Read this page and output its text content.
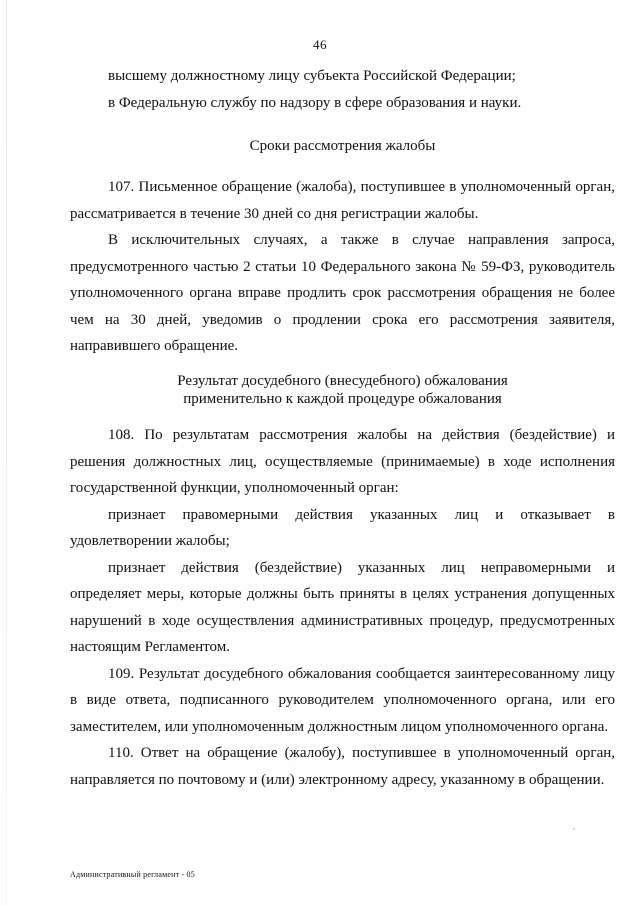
46

высшему должностному лицу субъекта Российской Федерации;

в Федеральную службу по надзору в сфере образования и науки.

Сроки рассмотрения жалобы

107. Письменное обращение (жалоба), поступившее в уполномоченный орган, рассматривается в течение 30 дней со дня регистрации жалобы.

В исключительных случаях, а также в случае направления запроса, предусмотренного частью 2 статьи 10 Федерального закона № 59-ФЗ, руководитель уполномоченного органа вправе продлить срок рассмотрения обращения не более чем на 30 дней, уведомив о продлении срока его рассмотрения заявителя, направившего обращение.

Результат досудебного (внесудебного) обжалования
применительно к каждой процедуре обжалования

108. По результатам рассмотрения жалобы на действия (бездействие) и решения должностных лиц, осуществляемые (принимаемые) в ходе исполнения государственной функции, уполномоченный орган:

признает правомерными действия указанных лиц и отказывает в удовлетворении жалобы;

признает действия (бездействие) указанных лиц неправомерными и определяет меры, которые должны быть приняты в целях устранения допущенных нарушений в ходе осуществления административных процедур, предусмотренных настоящим Регламентом.

109. Результат досудебного обжалования сообщается заинтересованному лицу в виде ответа, подписанного руководителем уполномоченного органа, или его заместителем, или уполномоченным должностным лицом уполномоченного органа.

110. Ответ на обращение (жалобу), поступившее в уполномоченный орган, направляется по почтовому и (или) электронному адресу, указанному в обращении.

Административный регламент - 05
